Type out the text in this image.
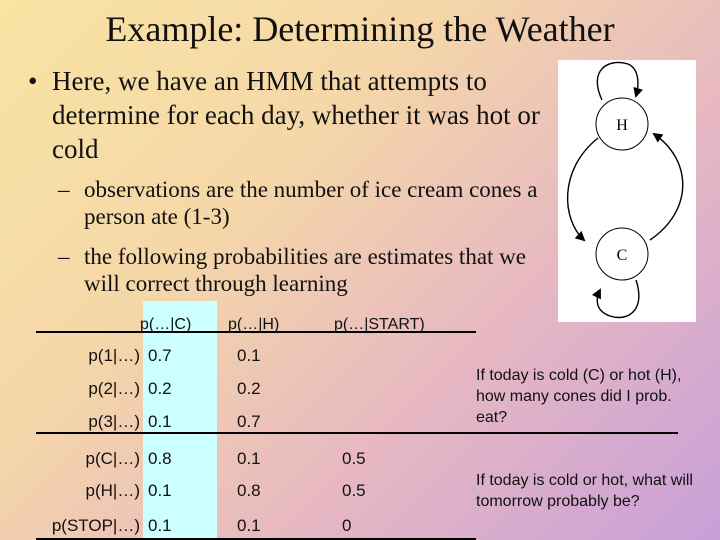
Example: Determining the Weather
• Here, we have an HMM that attempts to determine for each day, whether it was hot or cold
– observations are the number of ice cream cones a person ate (1-3)
– the following probabilities are estimates that we will correct through learning
H
C
p(…|C) p(…|H)	p(…|START)
p(1|…) 0.7	0.1
p(2|…) 0.2	0.2
p(3|…) 0.1	0.7
p(C|…) 0.8	0.1	0.5
p(H|…) 0.1	0.8	0.5
p(STOP|…) 0.1	0.1	0
If today is cold (C) or hot (H), how many cones did I prob. eat?
If today is cold or hot, what will tomorrow probably be?
